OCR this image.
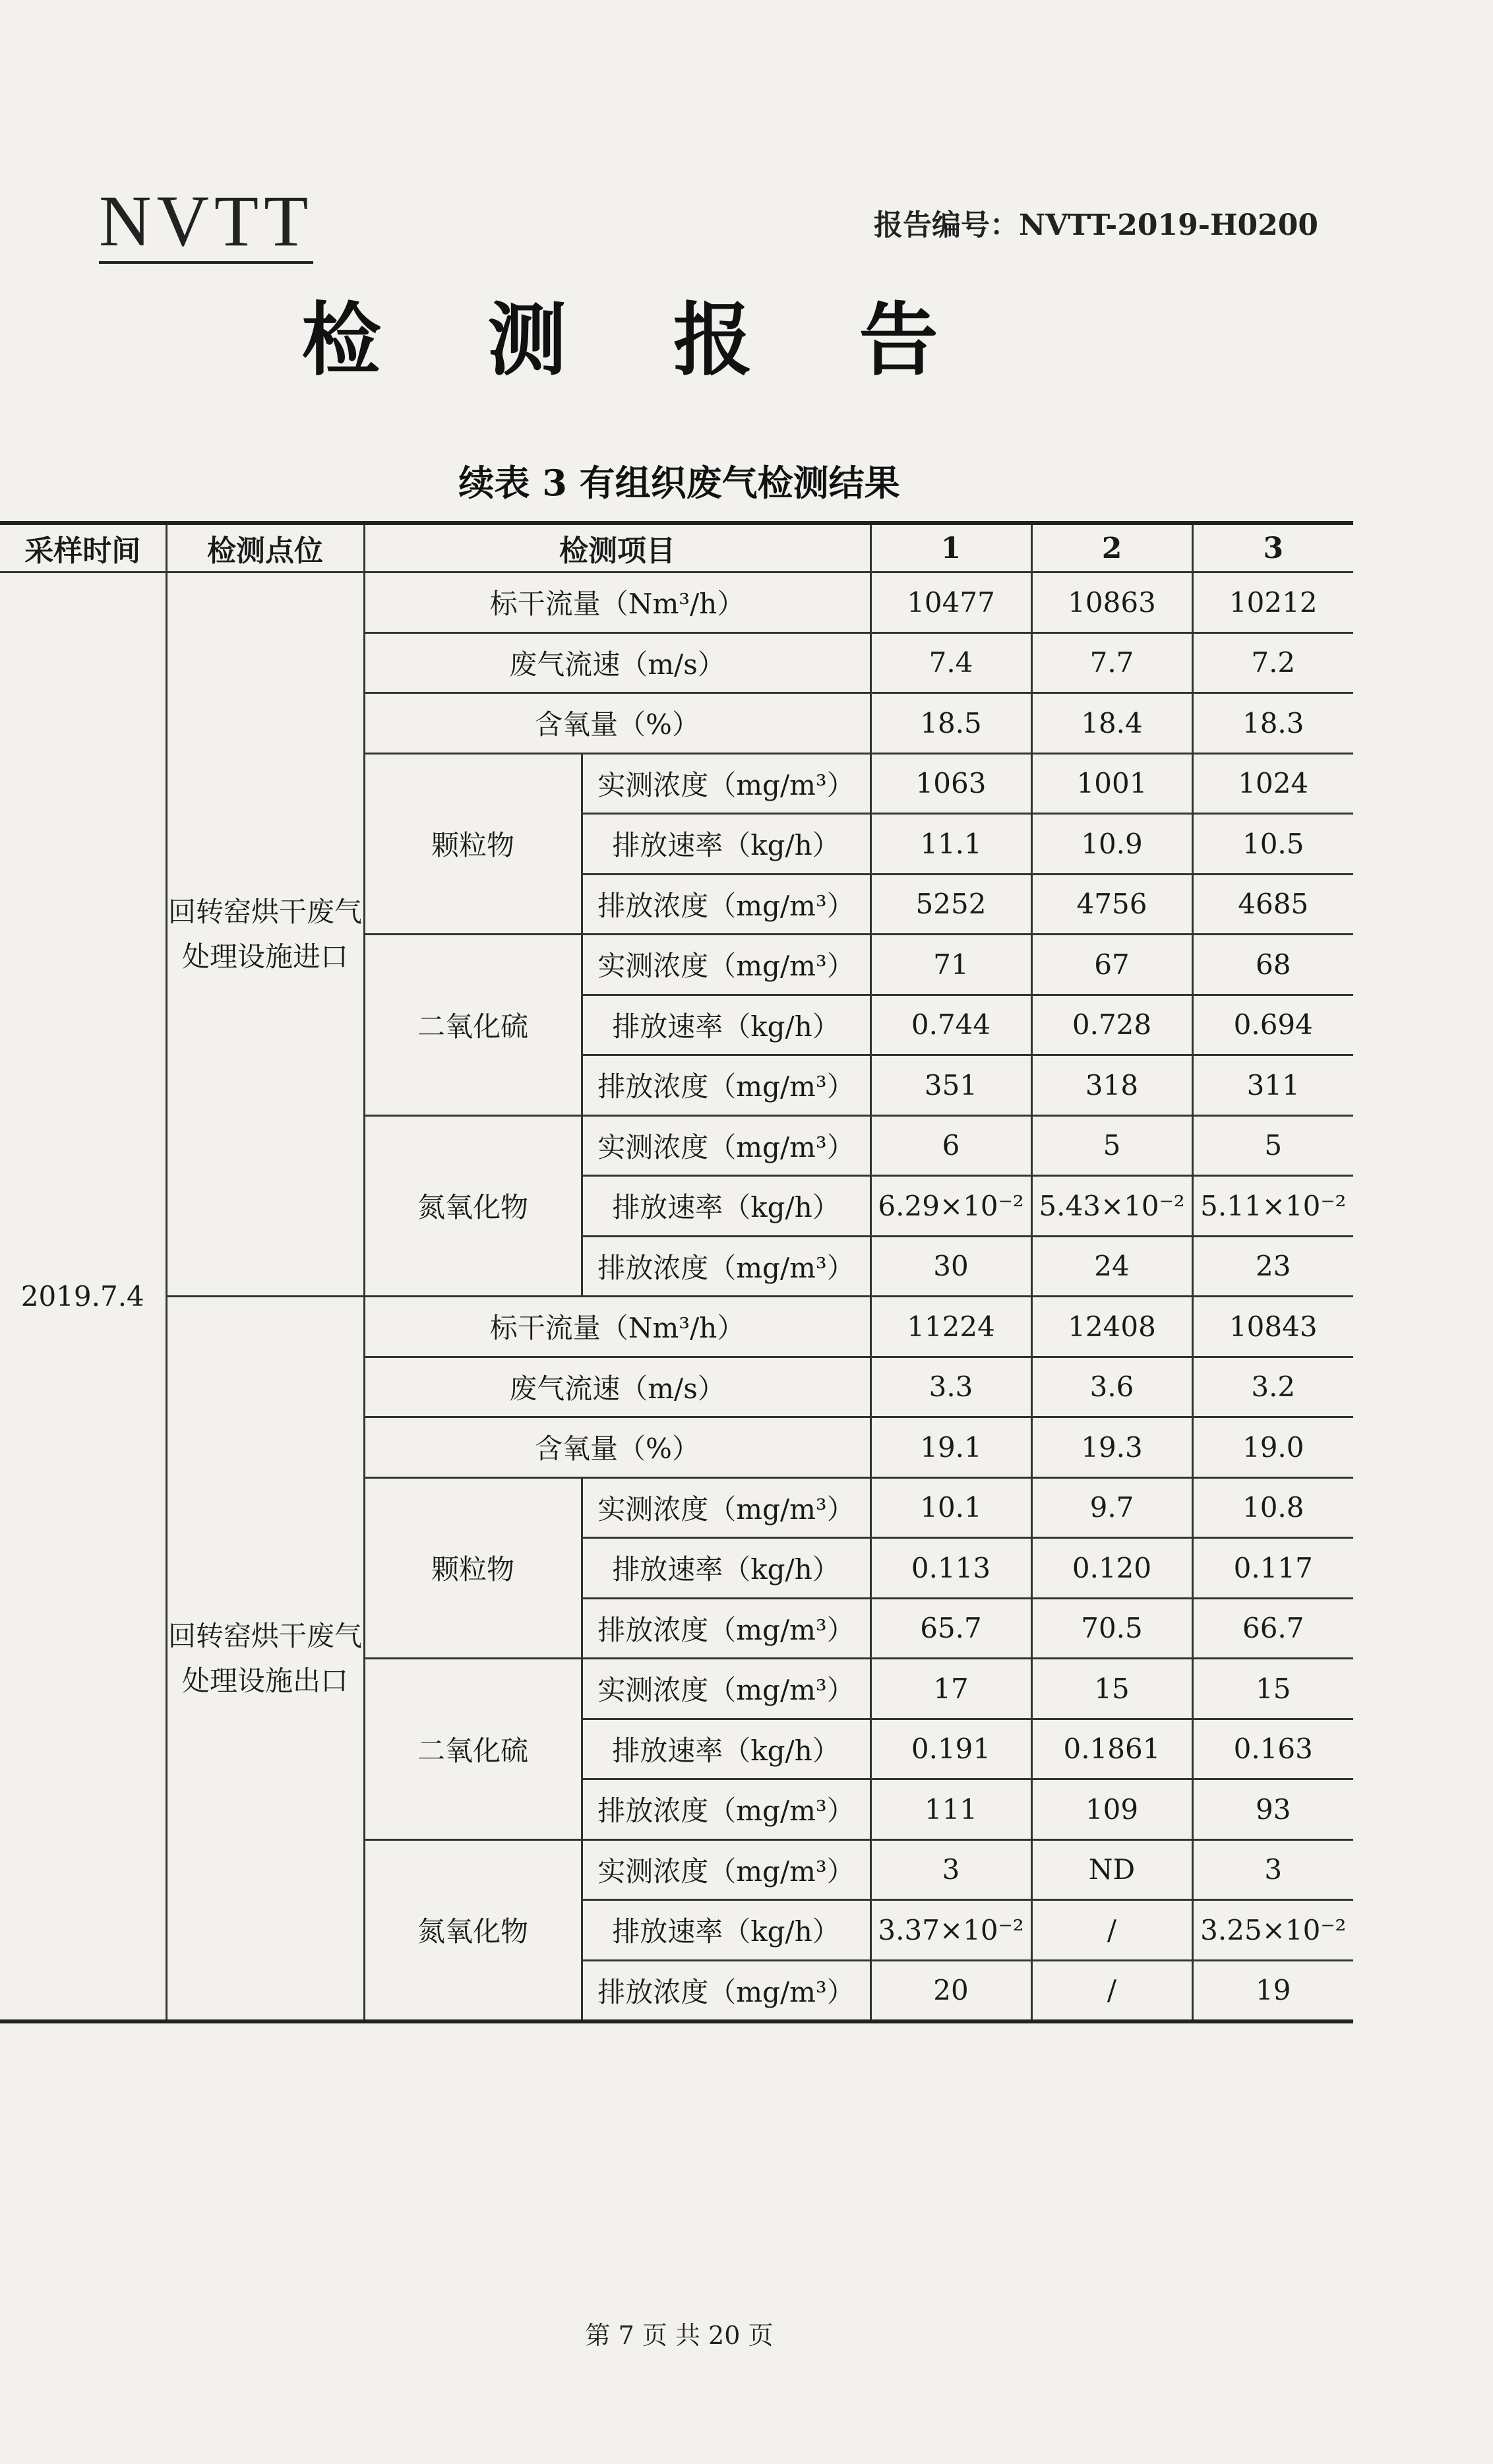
NVTT	报告编号：NVTT-2019-H0200
检 测 报 告
续表 3 有组织废气检测结果
采样时间	检测点位	检测项目		1	2	3
2019.7.4	回转窑烘干废气处理设施进口	标干流量（Nm³/h）		10477	10863	10212
		废气流速（m/s）		7.4	7.7	7.2
		含氧量（%）		18.5	18.4	18.3
		颗粒物	实测浓度（mg/m³）	1063	1001	1024
			排放速率（kg/h）	11.1	10.9	10.5
			排放浓度（mg/m³）	5252	4756	4685
		二氧化硫	实测浓度（mg/m³）	71	67	68
			排放速率（kg/h）	0.744	0.728	0.694
			排放浓度（mg/m³）	351	318	311
		氮氧化物	实测浓度（mg/m³）	6	5	5
			排放速率（kg/h）	6.29×10⁻²	5.43×10⁻²	5.11×10⁻²
			排放浓度（mg/m³）	30	24	23
	回转窑烘干废气处理设施出口	标干流量（Nm³/h）		11224	12408	10843
		废气流速（m/s）		3.3	3.6	3.2
		含氧量（%）		19.1	19.3	19.0
		颗粒物	实测浓度（mg/m³）	10.1	9.7	10.8
			排放速率（kg/h）	0.113	0.120	0.117
			排放浓度（mg/m³）	65.7	70.5	66.7
		二氧化硫	实测浓度（mg/m³）	17	15	15
			排放速率（kg/h）	0.191	0.1861	0.163
			排放浓度（mg/m³）	111	109	93
		氮氧化物	实测浓度（mg/m³）	3	ND	3
			排放速率（kg/h）	3.37×10⁻²	/	3.25×10⁻²
			排放浓度（mg/m³）	20	/	19
第 7 页 共 20 页
